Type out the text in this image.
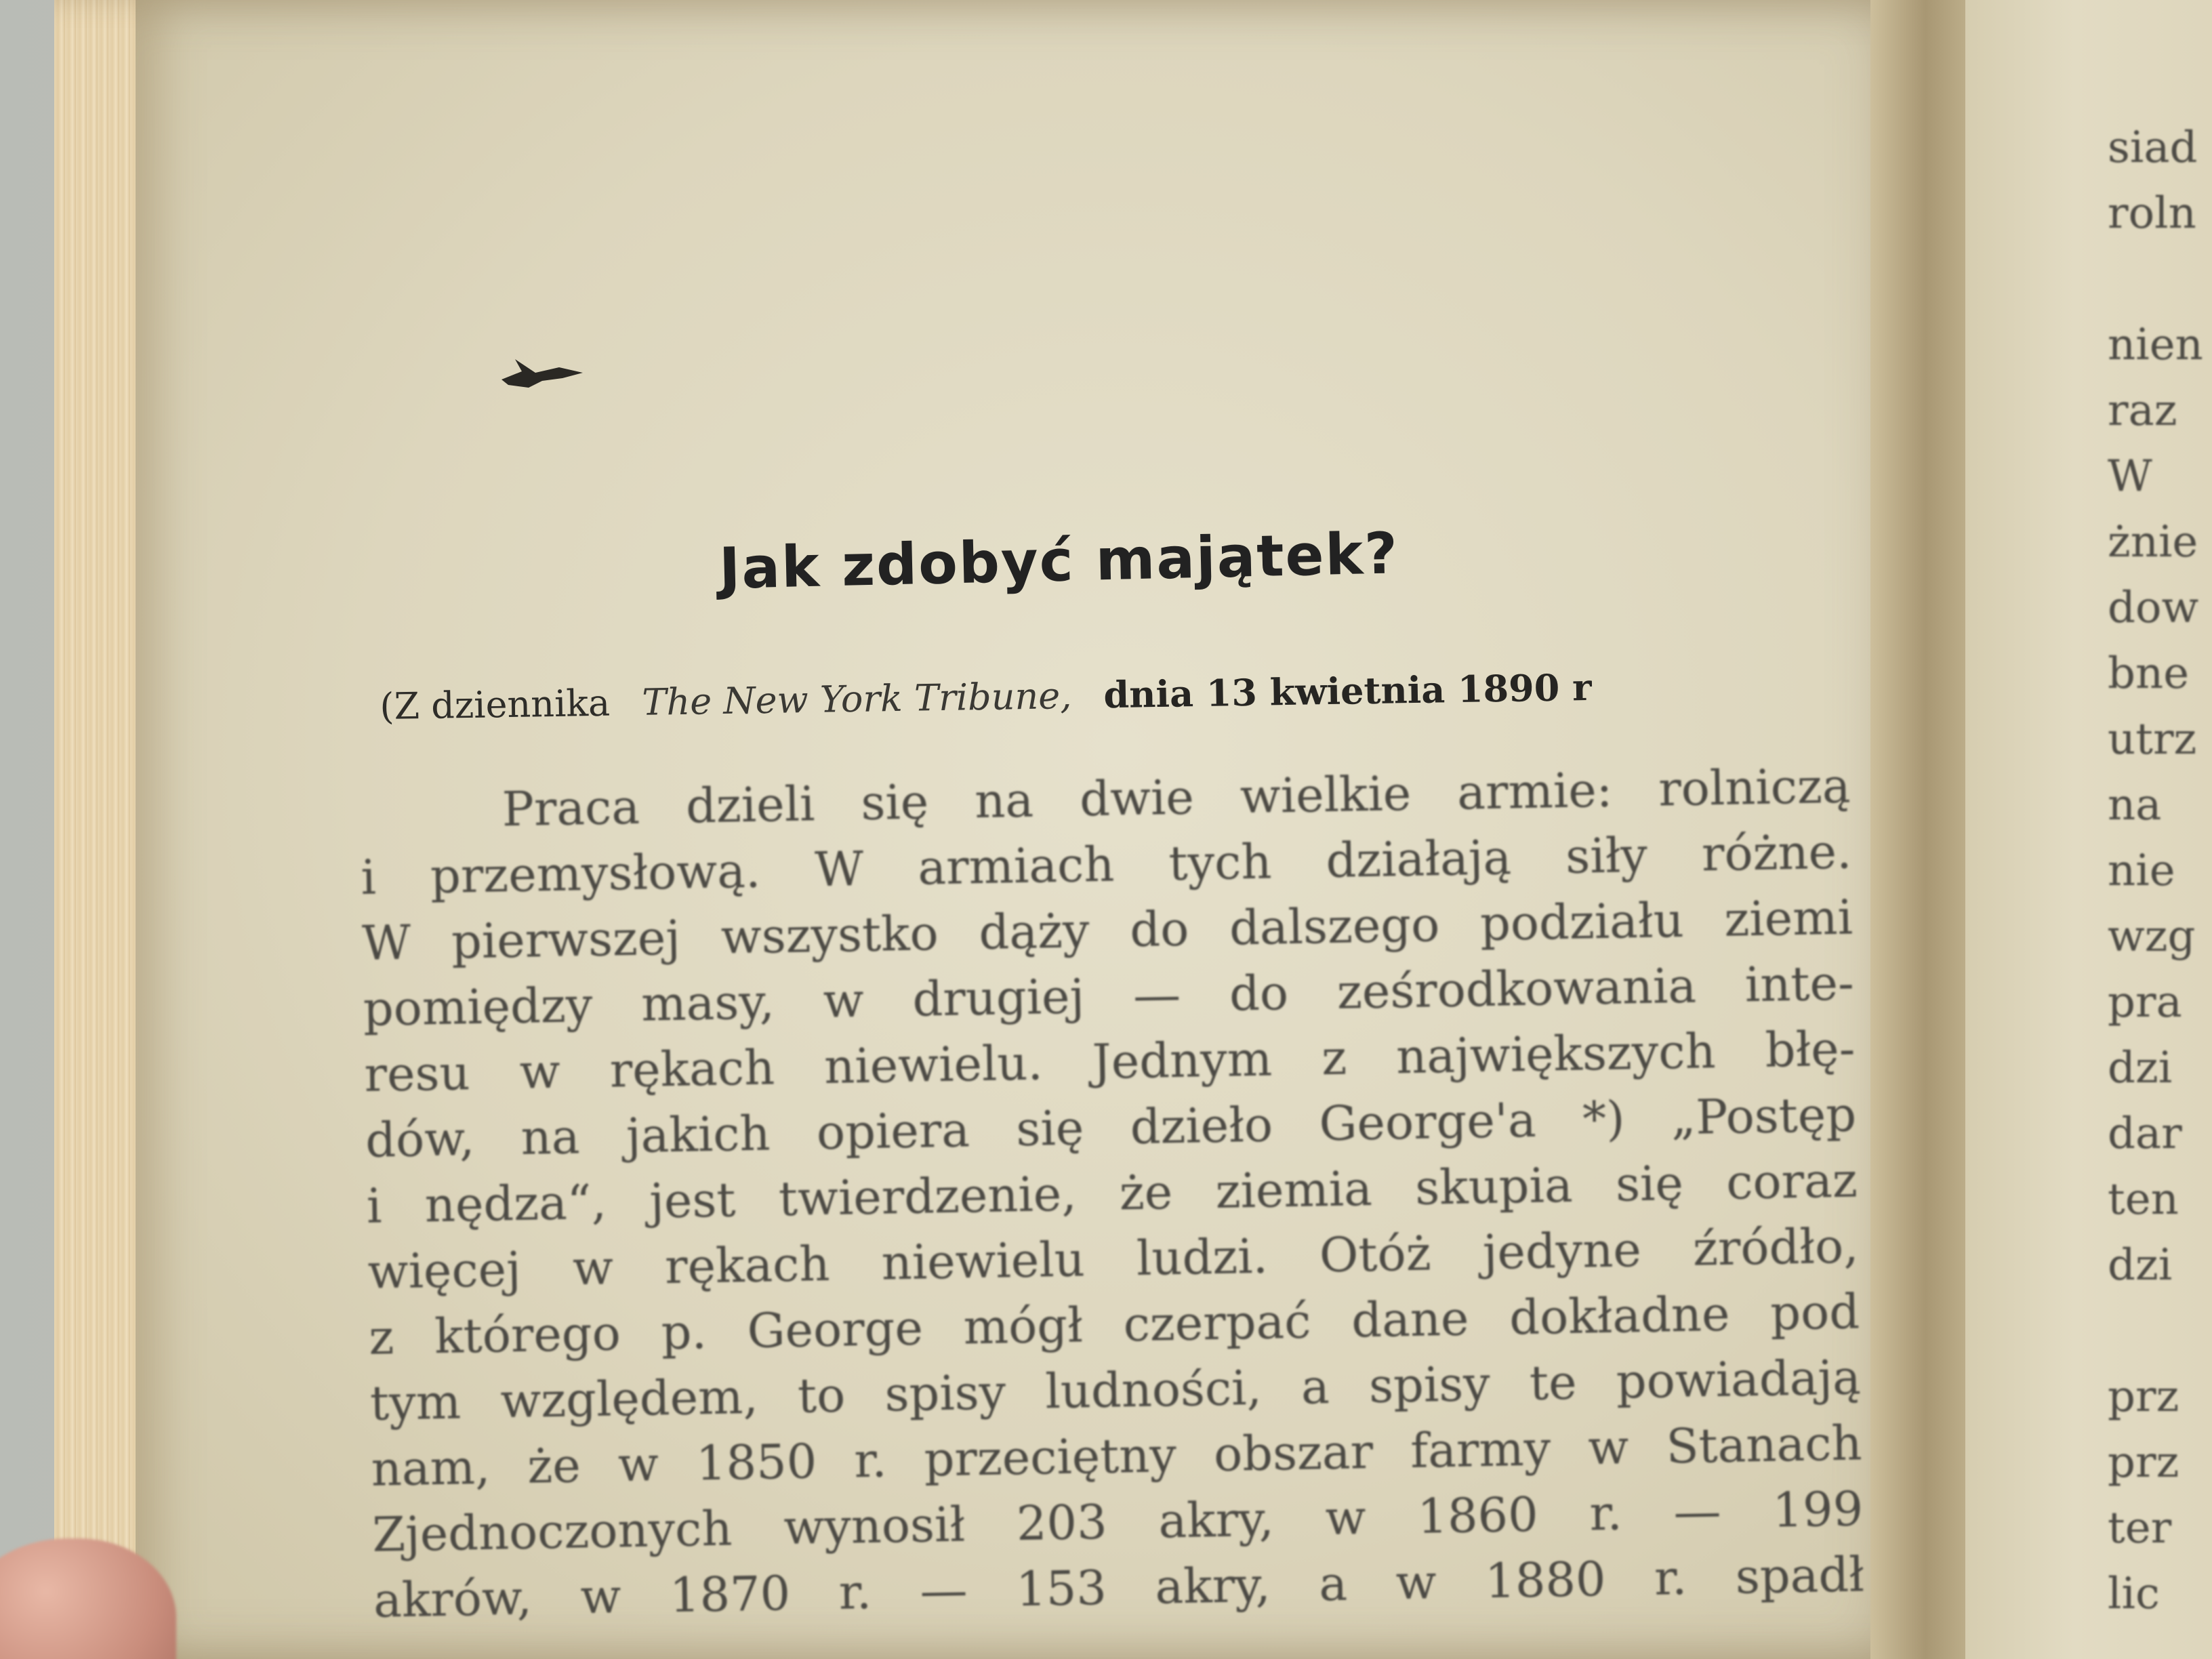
Jak zdobyć majątek?
(Z dziennika The New York Tribune, dnia 13 kwietnia 1890 r
Praca dzieli się na dwie wielkie armie: rolniczą
i przemysłową. W armiach tych działają siły różne.
W pierwszej wszystko dąży do dalszego podziału ziemi
pomiędzy masy, w drugiej — do ześrodkowania inte-
resu w rękach niewielu. Jednym z największych błę-
dów, na jakich opiera się dzieło George'a *) „Postęp
i nędza“, jest twierdzenie, że ziemia skupia się coraz
więcej w rękach niewielu ludzi. Otóż jedyne źródło,
z którego p. George mógł czerpać dane dokładne pod
tym względem, to spisy ludności, a spisy te powiadają
nam, że w 1850 r. przeciętny obszar farmy w Stanach
Zjednoczonych wynosił 203 akry, w 1860 r. — 199
akrów, w 1870 r. — 153 akry, a w 1880 r. spadł
siad
roln
nien
raz
W
żnie
dow
bne
utrz
na
nie
wzg
pra
dzi
dar
ten
dzi
prz
prz
ter
lic
